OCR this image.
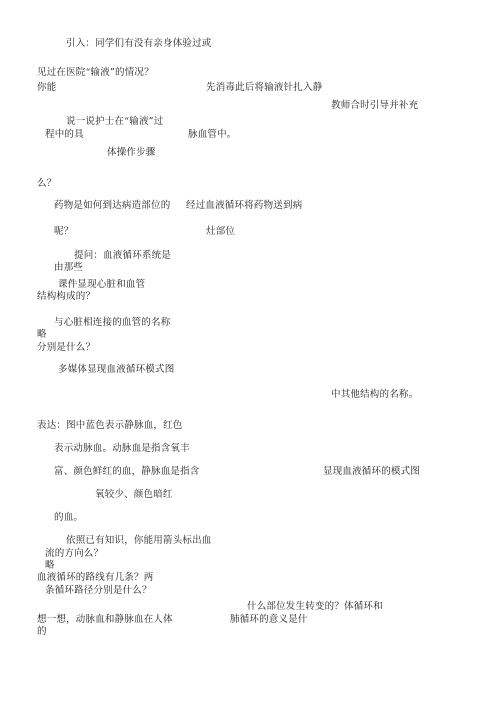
引入：同学们有没有亲身体验过或
见过在医院“输液”的情况？
你能	先消毒此后将输液针扎入静
教师合时引导并补充
说一说护士在“输液”过
程中的具	脉血管中。
体操作步骤
么？
药物是如何到达病造部位的 经过血液循环将药物送到病
呢？	灶部位
提问：血液循环系统是
由那些
课件显现心脏和血管
结构构成的？
与心脏相连接的血管的名称
略
分别是什么？
多媒体显现血液循环模式图
中其他结构的名称。
表达：图中蓝色表示静脉血，红色
表示动脉血。动脉血是指含氧丰
富、颜色鲜红的血，静脉血是指含	显现血液循环的模式图
氧较少、颜色暗红
的血。
依照已有知识，你能用箭头标出血
流的方向么？
略
血液循环的路线有几条？两
条循环路径分别是什么？
什么部位发生转变的？体循环和
想一想，动脉血和静脉血在人体	肺循环的意义是什
的
